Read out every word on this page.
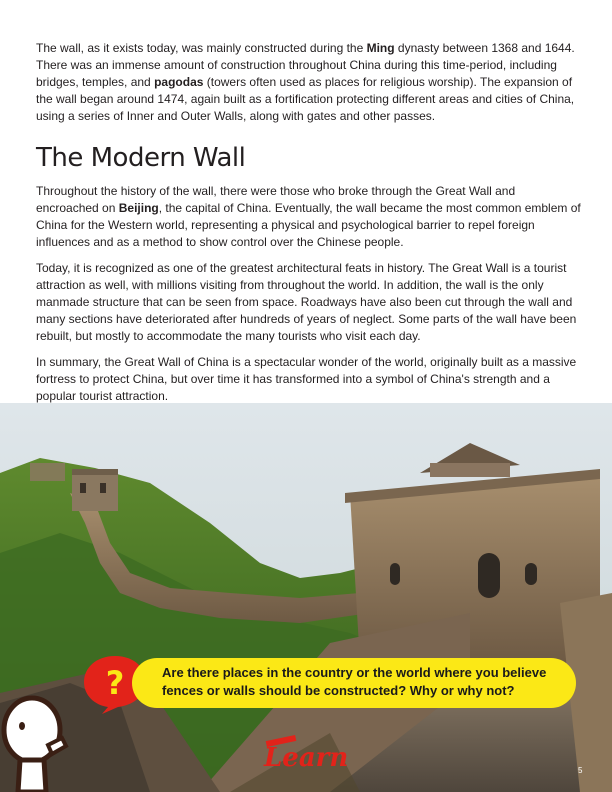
The wall, as it exists today, was mainly constructed during the Ming dynasty between 1368 and 1644. There was an immense amount of construction throughout China during this time-period, including bridges, temples, and pagodas (towers often used as places for religious worship). The expansion of the wall began around 1474, again built as a fortification protecting different areas and cities of China, using a series of Inner and Outer Walls, along with gates and other passes.

The Modern Wall

Throughout the history of the wall, there were those who broke through the Great Wall and encroached on Beijing, the capital of China. Eventually, the wall became the most common emblem of China for the Western world, representing a physical and psychological barrier to repel foreign influences and as a method to show control over the Chinese people.

Today, it is recognized as one of the greatest architectural feats in history. The Great Wall is a tourist attraction as well, with millions visiting from throughout the world. In addition, the wall is the only manmade structure that can be seen from space. Roadways have also been cut through the wall and many sections have deteriorated after hundreds of years of neglect. Some parts of the wall have been rebuilt, but mostly to accommodate the many tourists who visit each day.

In summary, the Great Wall of China is a spectacular wonder of the world, originally built as a massive fortress to protect China, but over time it has transformed into a symbol of China's strength and a popular tourist attraction.

?	Are there places in the country or the world where you believe fences or walls should be constructed? Why or why not?
Learn	5
